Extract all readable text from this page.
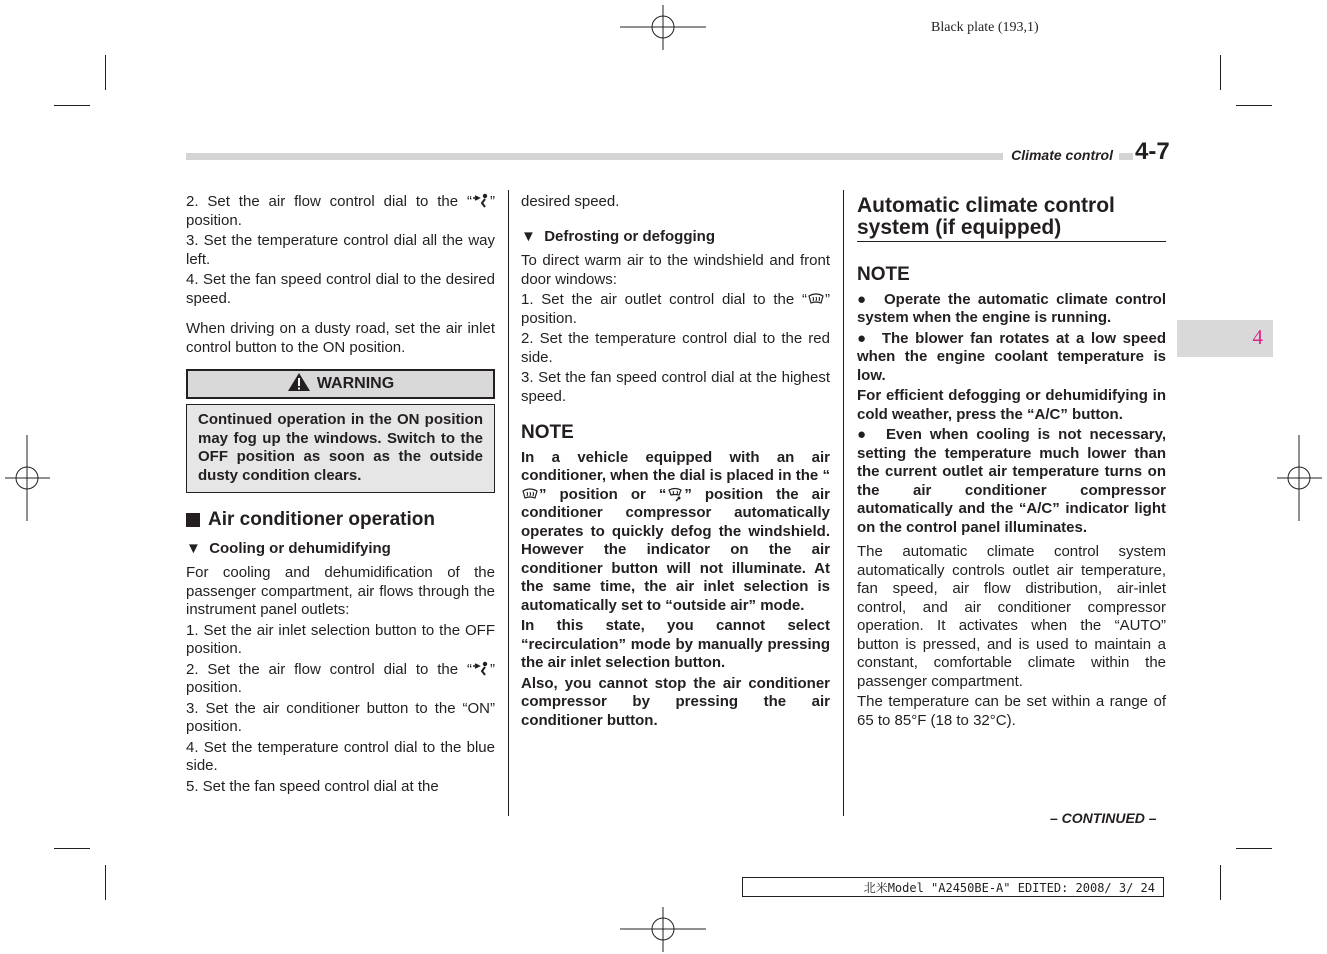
Black plate (193,1)
Climate control 4-7
4

2. Set the air flow control dial to the “ ” position.

3. Set the temperature control dial all the way left.

4. Set the fan speed control dial to the desired speed.

When driving on a dusty road, set the air inlet control button to the ON position.

WARNING

Continued operation in the ON position may fog up the windows. Switch to the OFF position as soon as the outside dusty condition clears.

Air conditioner operation
▼  Cooling or dehumidifying

For cooling and dehumidification of the passenger compartment, air flows through the instrument panel outlets:

1. Set the air inlet selection button to the OFF position.

2. Set the air flow control dial to the “ ” position.

3. Set the air conditioner button to the “ON” position.

4. Set the temperature control dial to the blue side.

5. Set the fan speed control dial at the

desired speed.

▼  Defrosting or defogging

To direct warm air to the windshield and front door windows:

1. Set the air outlet control dial to the “ ” position.

2. Set the temperature control dial to the red side.

3. Set the fan speed control dial at the highest speed.

NOTE

In a vehicle equipped with an air conditioner, when the dial is placed in the “” position or “ ” position the air conditioner compressor automatically operates to quickly defog the windshield. However the indicator on the air conditioner button will not illuminate. At the same time, the air inlet selection is automatically set to “outside air” mode.

In this state, you cannot select “recirculation” mode by manually pressing the air inlet selection button.

Also, you cannot stop the air conditioner compressor by pressing the air conditioner button.

Automatic climate control system (if equipped)
NOTE

●  Operate the automatic climate control system when the engine is running.

●  The blower fan rotates at a low speed when the engine coolant temperature is low.

For efficient defogging or dehumidifying in cold weather, press the “A/C” button.

●  Even when cooling is not necessary, setting the temperature much lower than the current outlet air temperature turns on the air conditioner compressor automatically and the “A/C” indicator light on the control panel illuminates.

The automatic climate control system automatically controls outlet air temperature, fan speed, air flow distribution, air-inlet control, and air conditioner compressor operation. It activates when the “AUTO” button is pressed, and is used to maintain a constant, comfortable climate within the passenger compartment.

The temperature can be set within a range of 65 to 85°F (18 to 32°C).

– CONTINUED –
北米Model "A2450BE-A" EDITED: 2008/ 3/ 24
